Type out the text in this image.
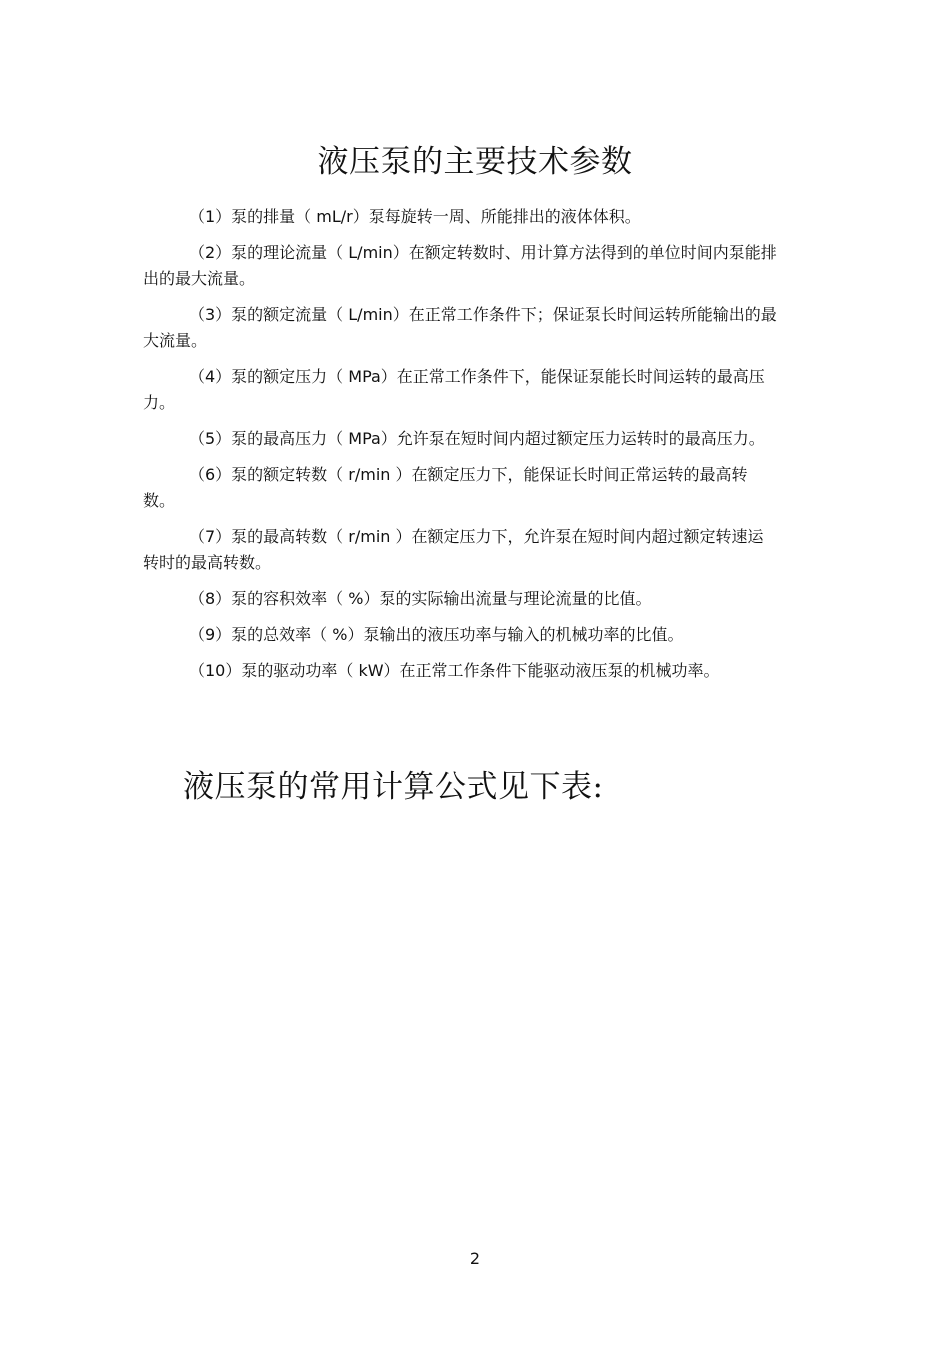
液压泵的主要技术参数
（1）泵的排量（ mL/r）泵每旋转一周、所能排出的液体体积。
（2）泵的理论流量（ L/min）在额定转数时、用计算方法得到的单位时间内泵能排出的最大流量。
（3）泵的额定流量（ L/min）在正常工作条件下；保证泵长时间运转所能输出的最大流量。
（4）泵的额定压力（ MPa）在正常工作条件下，能保证泵能长时间运转的最高压力。
（5）泵的最高压力（ MPa）允许泵在短时间内超过额定压力运转时的最高压力。
（6）泵的额定转数（ r/min ）在额定压力下，能保证长时间正常运转的最高转数。
（7）泵的最高转数（ r/min ）在额定压力下，允许泵在短时间内超过额定转速运转时的最高转数。
（8）泵的容积效率（ %）泵的实际输出流量与理论流量的比值。
（9）泵的总效率（ %）泵输出的液压功率与输入的机械功率的比值。
（10）泵的驱动功率（ kW）在正常工作条件下能驱动液压泵的机械功率。
液压泵的常用计算公式见下表:
2
